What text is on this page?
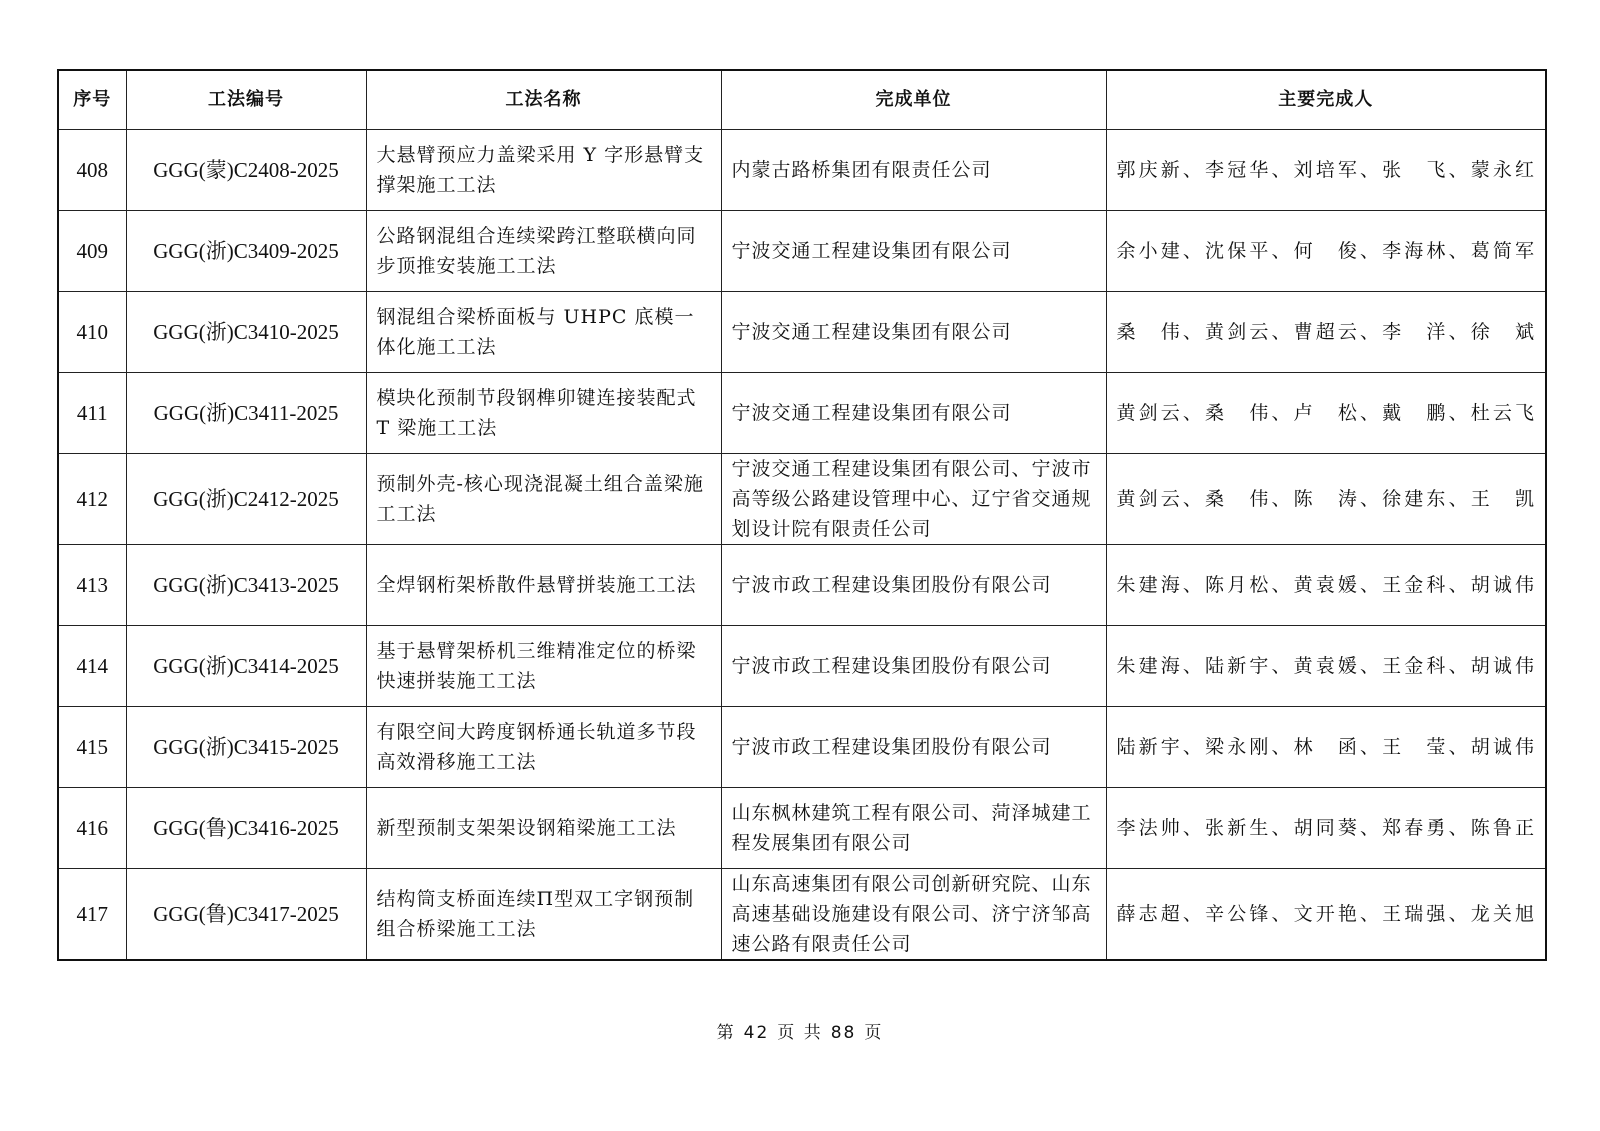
序号	工法编号	工法名称	完成单位	主要完成人
408	GGG(蒙)C2408-2025	大悬臂预应力盖梁采用 Y 字形悬臂支撑架施工工法	内蒙古路桥集团有限责任公司	郭庆新、李冠华、刘培军、张　飞、蒙永红
409	GGG(浙)C3409-2025	公路钢混组合连续梁跨江整联横向同步顶推安装施工工法	宁波交通工程建设集团有限公司	余小建、沈保平、何　俊、李海林、葛简军
410	GGG(浙)C3410-2025	钢混组合梁桥面板与 UHPC 底模一体化施工工法	宁波交通工程建设集团有限公司	桑　伟、黄剑云、曹超云、李　洋、徐　斌
411	GGG(浙)C3411-2025	模块化预制节段钢榫卯键连接装配式 T 梁施工工法	宁波交通工程建设集团有限公司	黄剑云、桑　伟、卢　松、戴　鹏、杜云飞
412	GGG(浙)C2412-2025	预制外壳-核心现浇混凝土组合盖梁施工工法	宁波交通工程建设集团有限公司、宁波市高等级公路建设管理中心、辽宁省交通规划设计院有限责任公司	黄剑云、桑　伟、陈　涛、徐建东、王　凯
413	GGG(浙)C3413-2025	全焊钢桁架桥散件悬臂拼装施工工法	宁波市政工程建设集团股份有限公司	朱建海、陈月松、黄袁媛、王金科、胡诚伟
414	GGG(浙)C3414-2025	基于悬臂架桥机三维精准定位的桥梁快速拼装施工工法	宁波市政工程建设集团股份有限公司	朱建海、陆新宇、黄袁媛、王金科、胡诚伟
415	GGG(浙)C3415-2025	有限空间大跨度钢桥通长轨道多节段高效滑移施工工法	宁波市政工程建设集团股份有限公司	陆新宇、梁永刚、林　函、王　莹、胡诚伟
416	GGG(鲁)C3416-2025	新型预制支架架设钢箱梁施工工法	山东枫林建筑工程有限公司、菏泽城建工程发展集团有限公司	李法帅、张新生、胡同葵、郑春勇、陈鲁正
417	GGG(鲁)C3417-2025	结构筒支桥面连续Π型双工字钢预制组合桥梁施工工法	山东高速集团有限公司创新研究院、山东高速基础设施建设有限公司、济宁济邹高速公路有限责任公司	薛志超、辛公锋、文开艳、王瑞强、龙关旭
第 42 页 共 88 页
